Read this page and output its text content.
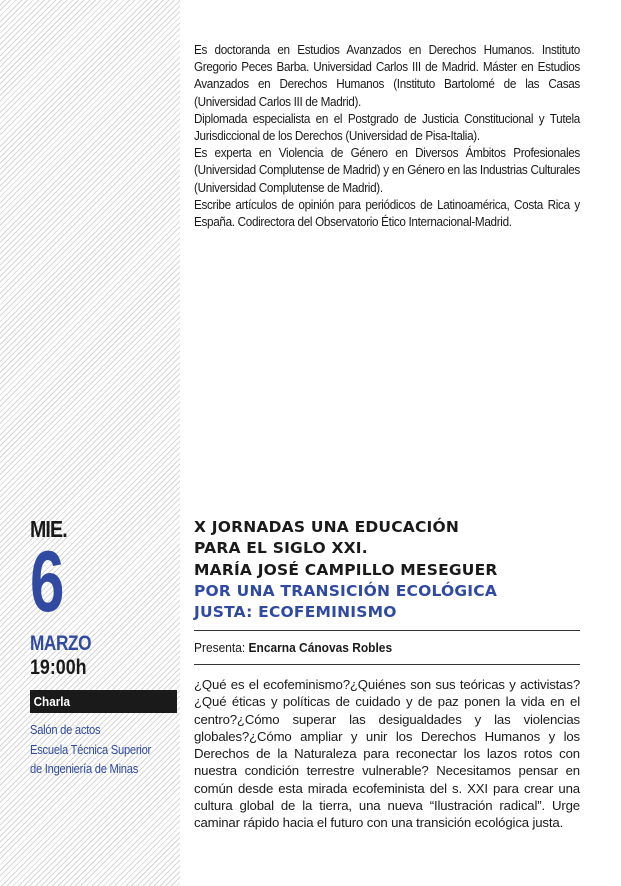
Es doctoranda en Estudios Avanzados en Derechos Humanos. Instituto Gregorio Peces Barba. Universidad Carlos III de Madrid. Máster en Estudios Avanzados en Derechos Humanos (Instituto Bartolomé de las Casas (Universidad Carlos III de Madrid).

Diplomada especialista en el Postgrado de Justicia Constitucional y Tutela Jurisdiccional de los Derechos (Universidad de Pisa-Italia).

Es experta en Violencia de Género en Diversos Ámbitos Profesionales (Universidad Complutense de Madrid) y en Género en las Industrias Culturales (Universidad Complutense de Madrid).

Escribe artículos de opinión para periódicos de Latinoamérica, Costa Rica y España. Codirectora del Observatorio Ético Internacional-Madrid.

MIE.
6
MARZO
19:00h
Charla
Salón de actos
Escuela Técnica Superior
de Ingeniería de Minas
X JORNADAS UNA EDUCACIÓN
PARA EL SIGLO XXI.
MARÍA JOSÉ CAMPILLO MESEGUER
POR UNA TRANSICIÓN ECOLÓGICA
JUSTA: ECOFEMINISMO
Presenta: Encarna Cánovas Robles
¿Qué es el ecofeminismo?¿Quiénes son sus teóricas y activistas?¿Qué éticas y políticas de cuidado y de paz ponen la vida en el centro?¿Cómo superar las desigualdades y las violencias globales?¿Cómo ampliar y unir los Derechos Humanos y los Derechos de la Naturaleza para reconectar los lazos rotos con nuestra condición terrestre vulnerable? Necesitamos pensar en común desde esta mirada ecofeminista del s. XXI para crear una cultura global de la tierra, una nueva “Ilustración radical”. Urge caminar rápido hacia el futuro con una transición ecológica justa.
